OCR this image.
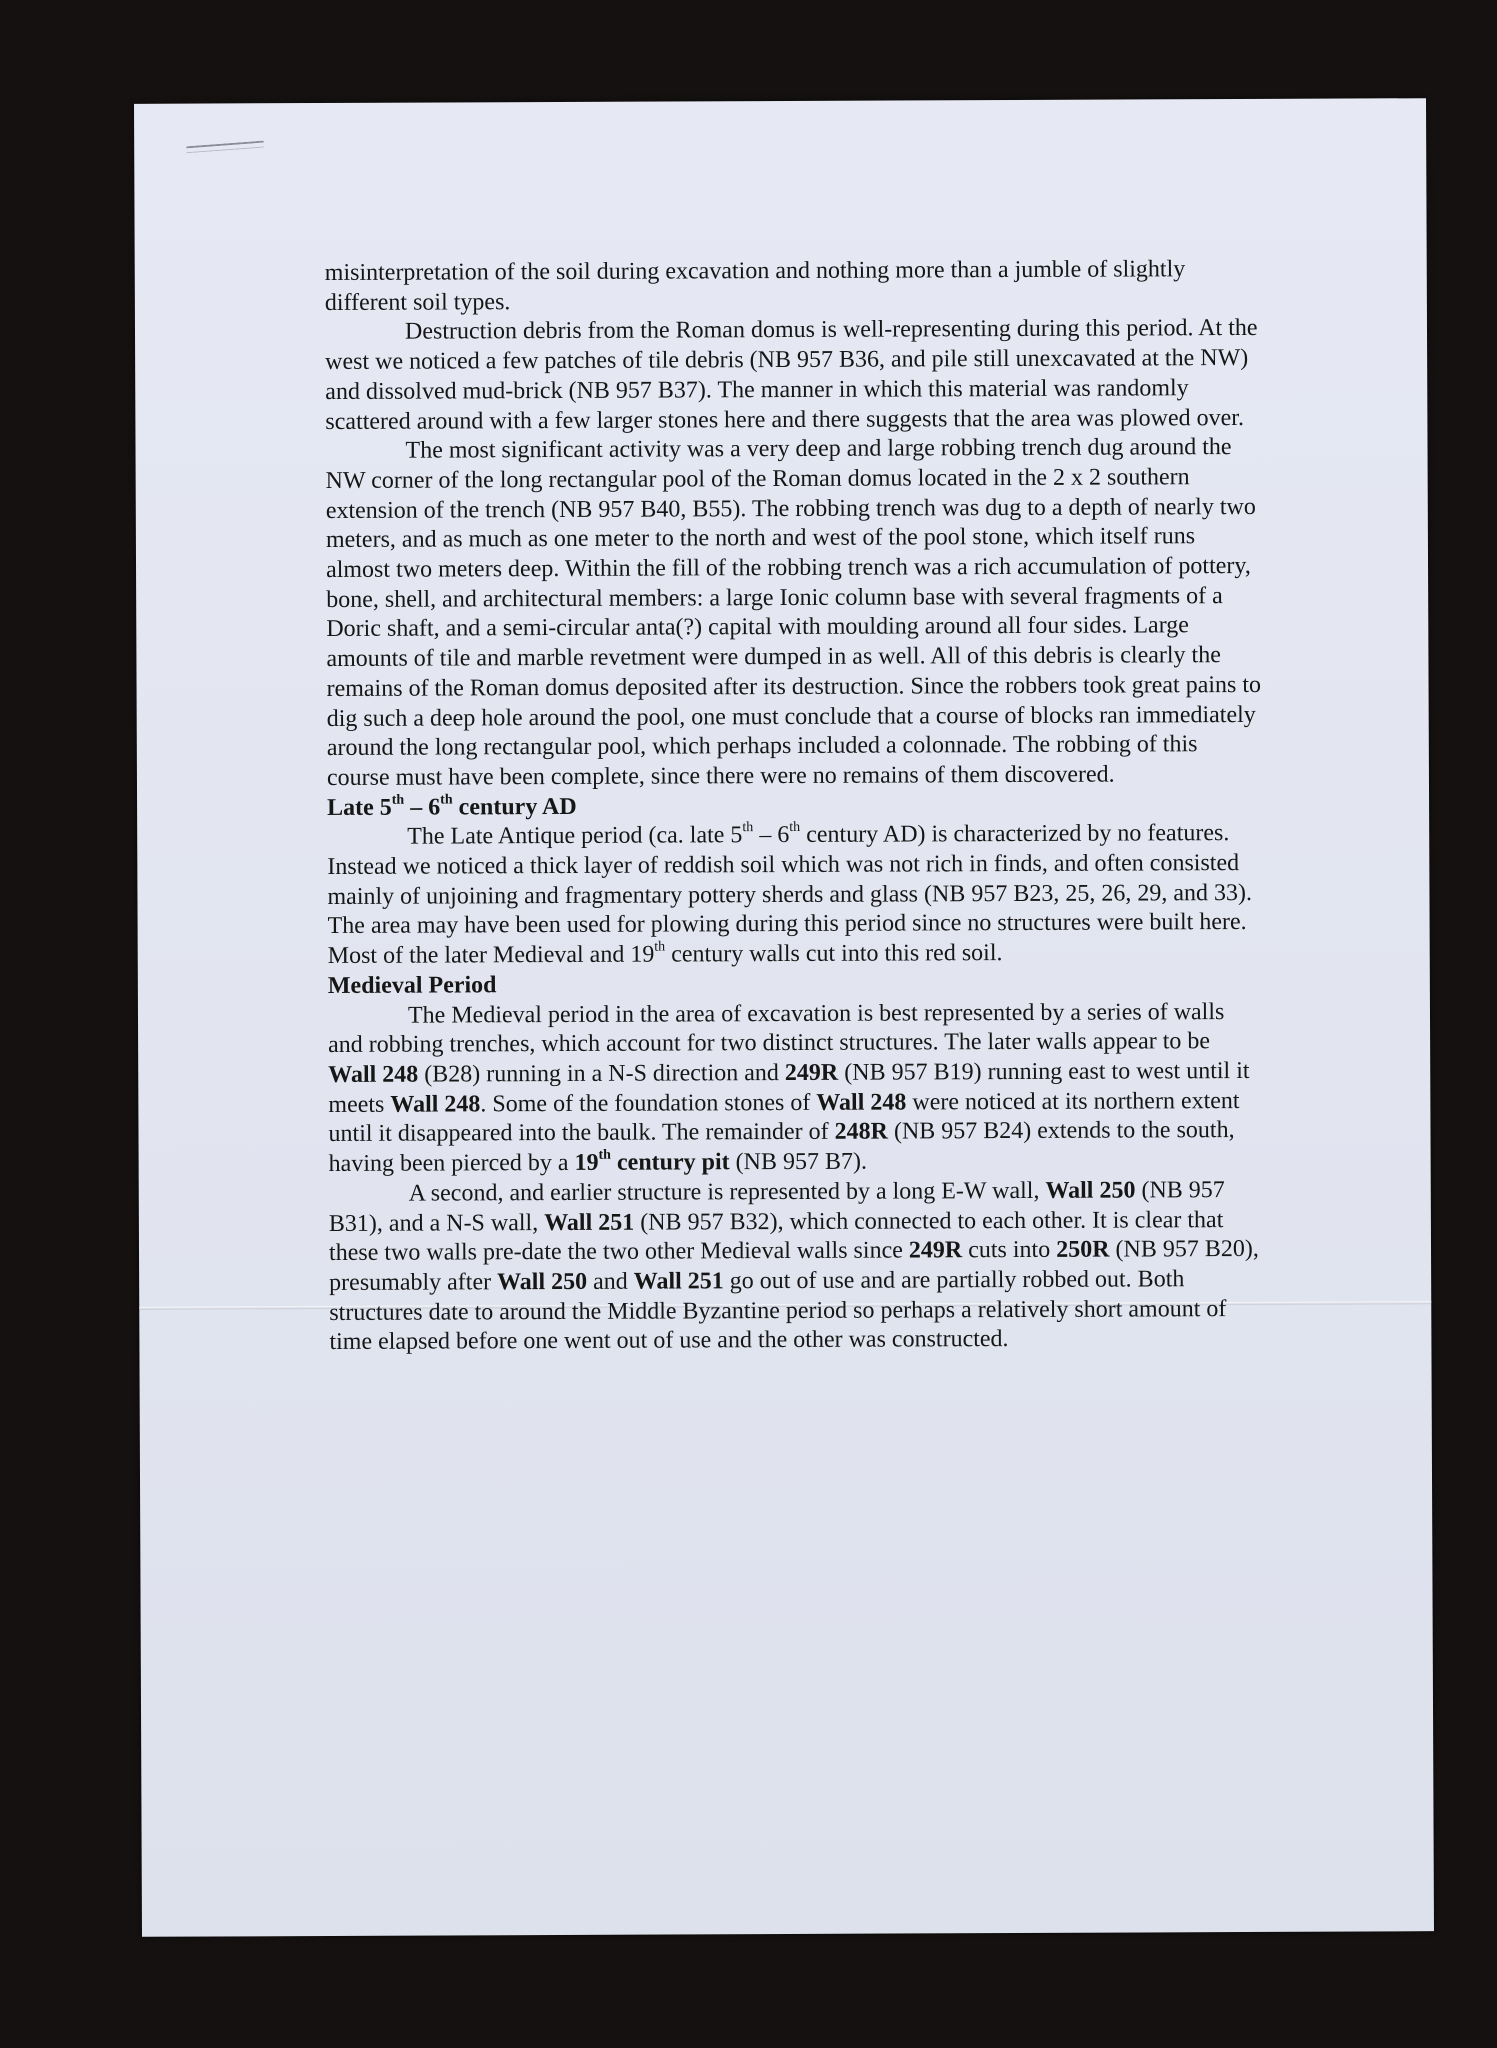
misinterpretation of the soil during excavation and nothing more than a jumble of slightly different soil types.

Destruction debris from the Roman domus is well-representing during this period. At the west we noticed a few patches of tile debris (NB 957 B36, and pile still unexcavated at the NW) and dissolved mud-brick (NB 957 B37). The manner in which this material was randomly scattered around with a few larger stones here and there suggests that the area was plowed over.

The most significant activity was a very deep and large robbing trench dug around the NW corner of the long rectangular pool of the Roman domus located in the 2 x 2 southern extension of the trench (NB 957 B40, B55). The robbing trench was dug to a depth of nearly two meters, and as much as one meter to the north and west of the pool stone, which itself runs almost two meters deep. Within the fill of the robbing trench was a rich accumulation of pottery, bone, shell, and architectural members: a large Ionic column base with several fragments of a Doric shaft, and a semi-circular anta(?) capital with moulding around all four sides. Large amounts of tile and marble revetment were dumped in as well. All of this debris is clearly the remains of the Roman domus deposited after its destruction. Since the robbers took great pains to dig such a deep hole around the pool, one must conclude that a course of blocks ran immediately around the long rectangular pool, which perhaps included a colonnade. The robbing of this course must have been complete, since there were no remains of them discovered.

Late 5th – 6th century AD

The Late Antique period (ca. late 5th – 6th century AD) is characterized by no features. Instead we noticed a thick layer of reddish soil which was not rich in finds, and often consisted mainly of unjoining and fragmentary pottery sherds and glass (NB 957 B23, 25, 26, 29, and 33). The area may have been used for plowing during this period since no structures were built here. Most of the later Medieval and 19th century walls cut into this red soil.

Medieval Period

The Medieval period in the area of excavation is best represented by a series of walls and robbing trenches, which account for two distinct structures. The later walls appear to be Wall 248 (B28) running in a N-S direction and 249R (NB 957 B19) running east to west until it meets Wall 248. Some of the foundation stones of Wall 248 were noticed at its northern extent until it disappeared into the baulk. The remainder of 248R (NB 957 B24) extends to the south, having been pierced by a 19th century pit (NB 957 B7).

A second, and earlier structure is represented by a long E-W wall, Wall 250 (NB 957 B31), and a N-S wall, Wall 251 (NB 957 B32), which connected to each other. It is clear that these two walls pre-date the two other Medieval walls since 249R cuts into 250R (NB 957 B20), presumably after Wall 250 and Wall 251 go out of use and are partially robbed out. Both structures date to around the Middle Byzantine period so perhaps a relatively short amount of time elapsed before one went out of use and the other was constructed.
